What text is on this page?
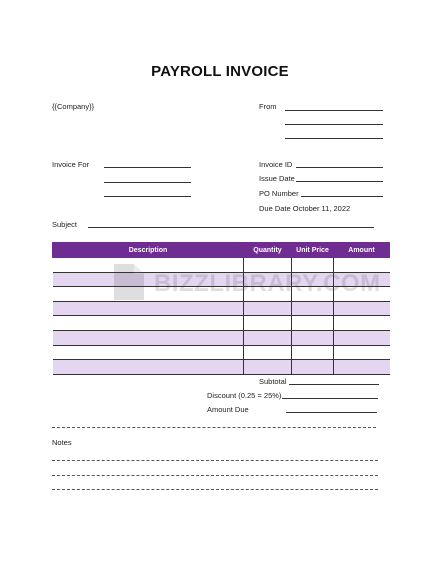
PAYROLL INVOICE
{{Company}}	From
Invoice For	Invoice ID
Issue Date
PO Number
Due Date October 11, 2022
Subject
Description	Quantity	Unit Price	Amount

Subtotal
Discount (0.25 = 25%)
Amount Due
Notes
